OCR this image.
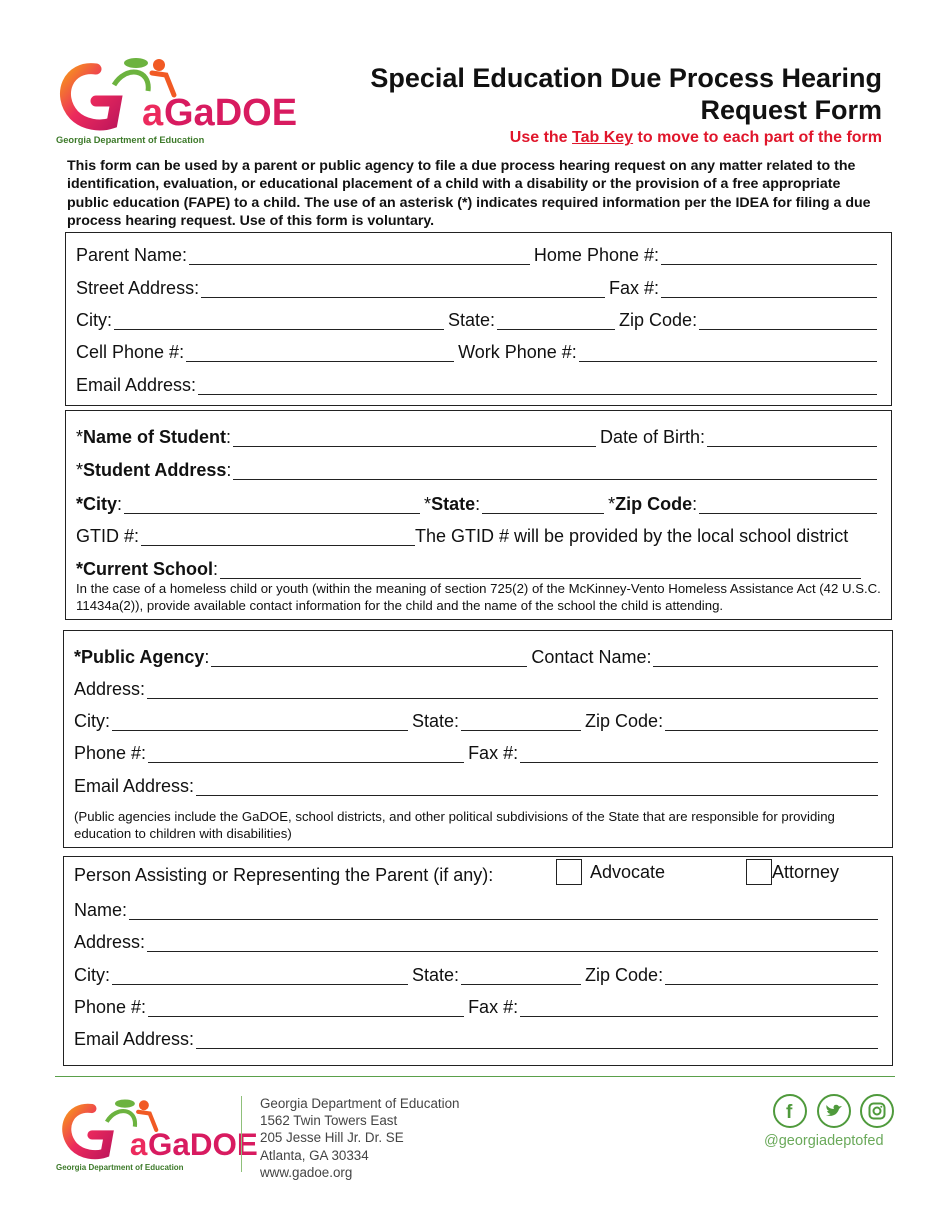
a GaDOE
Georgia Department of Education
Special Education Due Process Hearing
Request Form
Use the Tab Key to move to each part of the form
This form can be used by a parent or public agency to file a due process hearing request on any matter related to the identification, evaluation, or educational placement of a child with a disability or the provision of a free appropriate public education (FAPE) to a child. The use of an asterisk (*) indicates required information per the IDEA for filing a due process hearing request. Use of this form is voluntary.
Parent Name:	Home Phone #:
Street Address:	Fax #:
City:	State:	Zip Code:
Cell Phone #:	Work Phone #:
Email Address:
*Name of Student:	Date of Birth:
*Student Address:
*City:	*State:	*Zip Code:
GTID #:	The GTID # will be provided by the local school district
*Current School:
In the case of a homeless child or youth (within the meaning of section 725(2) of the McKinney-Vento Homeless Assistance Act (42 U.S.C. 11434a(2)), provide available contact information for the child and the name of the school the child is attending.
*Public Agency:	Contact Name:
Address:
City:	State:	Zip Code:
Phone #:	Fax #:
Email Address:
(Public agencies include the GaDOE, school districts, and other political subdivisions of the State that are responsible for providing education to children with disabilities)
Person Assisting or Representing the Parent (if any):	Advocate	Attorney
Name:
Address:
City:	State:	Zip Code:
Phone #:	Fax #:
Email Address:
a GaDOE
Georgia Department of Education
Georgia Department of Education
1562 Twin Towers East
205 Jesse Hill Jr. Dr. SE
Atlanta, GA 30334
www.gadoe.org
f
@georgiadeptofed
